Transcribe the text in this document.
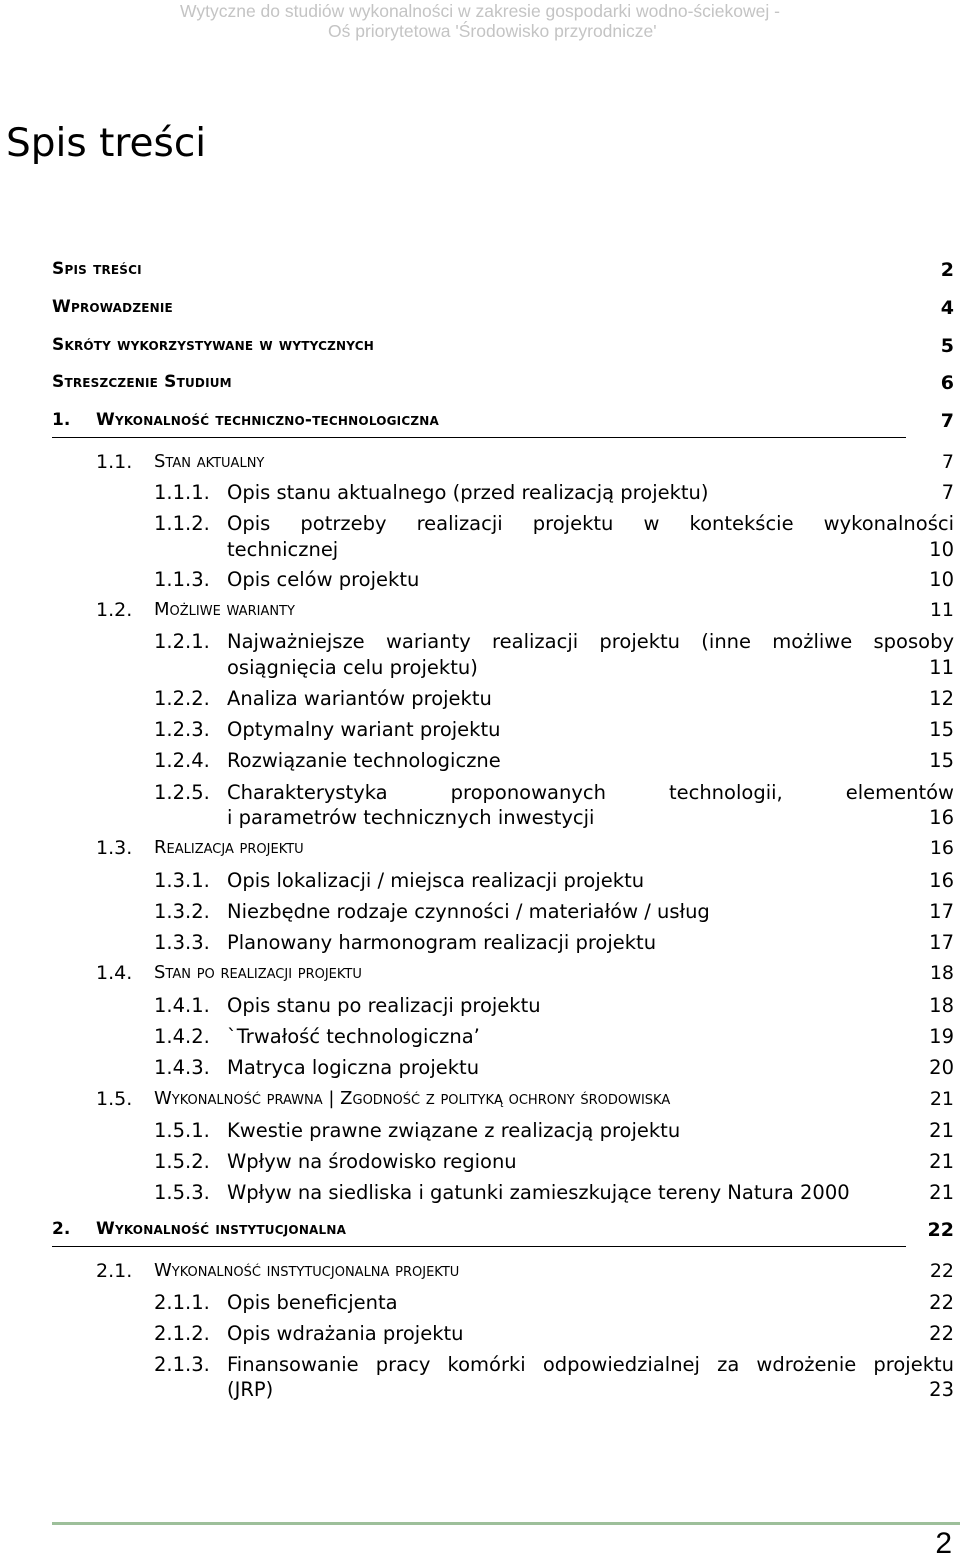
Wytyczne do studiów wykonalności w zakresie gospodarki wodno-ściekowej -
Oś priorytetowa 'Środowisko przyrodnicze'
Spis treści
Spis treści	2
Wprowadzenie	4
Skróty wykorzystywane w wytycznych	5
Streszczenie Studium	6
1. Wykonalność techniczno-technologiczna	7
1.1. Stan aktualny	7
1.1.1. Opis stanu aktualnego (przed realizacją projektu)	7
1.1.2. Opis potrzeby realizacji projektu w kontekście wykonalności
technicznej	10
1.1.3. Opis celów projektu	10
1.2. Możliwe warianty	11
1.2.1. Najważniejsze warianty realizacji projektu (inne możliwe sposoby
osiągnięcia celu projektu)	11
1.2.2. Analiza wariantów projektu	12
1.2.3. Optymalny wariant projektu	15
1.2.4. Rozwiązanie technologiczne	15
1.2.5. Charakterystyka proponowanych technologii, elementów
i parametrów technicznych inwestycji	16
1.3. Realizacja projektu	16
1.3.1. Opis lokalizacji / miejsca realizacji projektu	16
1.3.2. Niezbędne rodzaje czynności / materiałów / usług	17
1.3.3. Planowany harmonogram realizacji projektu	17
1.4. Stan po realizacji projektu	18
1.4.1. Opis stanu po realizacji projektu	18
1.4.2. `Trwałość technologiczna’	19
1.4.3. Matryca logiczna projektu	20
1.5. Wykonalność prawna | Zgodność z polityką ochrony środowiska	21
1.5.1. Kwestie prawne związane z realizacją projektu	21
1.5.2. Wpływ na środowisko regionu	21
1.5.3. Wpływ na siedliska i gatunki zamieszkujące tereny Natura 2000	21
2. Wykonalność instytucjonalna	22
2.1. Wykonalność instytucjonalna projektu	22
2.1.1. Opis beneficjenta	22
2.1.2. Opis wdrażania projektu	22
2.1.3. Finansowanie pracy komórki odpowiedzialnej za wdrożenie projektu
(JRP)	23
2
